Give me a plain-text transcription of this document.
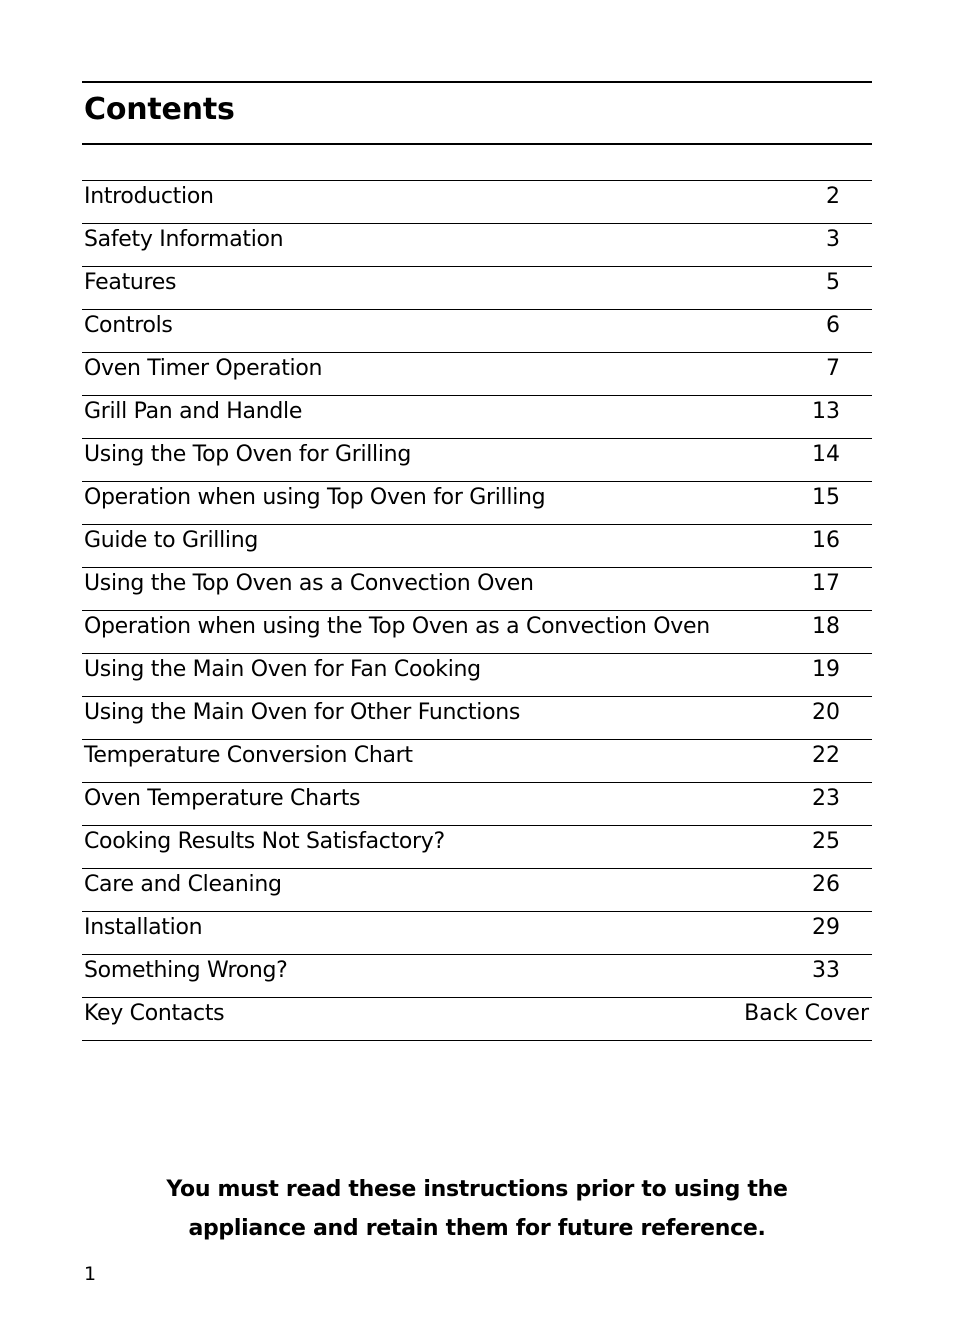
Contents
Introduction	2
Safety Information	3
Features	5
Controls	6
Oven Timer Operation	7
Grill Pan and Handle	13
Using the Top Oven for Grilling	14
Operation when using Top Oven for Grilling	15
Guide to Grilling	16
Using the Top Oven as a Convection Oven	17
Operation when using the Top Oven as a Convection Oven	18
Using the Main Oven for Fan Cooking	19
Using the Main Oven for Other Functions	20
Temperature Conversion Chart	22
Oven Temperature Charts	23
Cooking Results Not Satisfactory?	25
Care and Cleaning	26
Installation	29
Something Wrong?	33
Key Contacts	Back Cover
You must read these instructions prior to using the
appliance and retain them for future reference.
1
